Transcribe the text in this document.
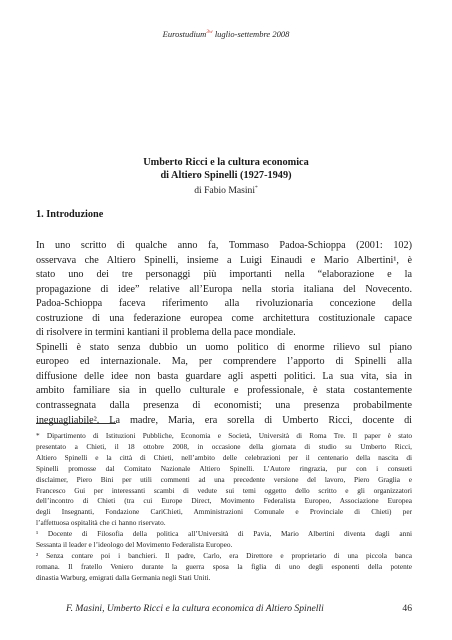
Eurostudium$^{3w}$ luglio-settembre 2008
Umberto Ricci e la cultura economica
di Altiero Spinelli (1927-1949)
di Fabio Masini*
1. Introduzione
In uno scritto di qualche anno fa, Tommaso Padoa-Schioppa (2001: 102)
osservava che Altiero Spinelli, insieme a Luigi Einaudi e Mario Albertini¹, è
stato uno dei tre personaggi più importanti nella “elaborazione e la
propagazione di idee” relative all’Europa nella storia italiana del Novecento.
Padoa-Schioppa faceva riferimento alla rivoluzionaria concezione della
costruzione di una federazione europea come architettura costituzionale capace
di risolvere in termini kantiani il problema della pace mondiale.
Spinelli è stato senza dubbio un uomo politico di enorme rilievo sul piano
europeo ed internazionale. Ma, per comprendere l’apporto di Spinelli alla
diffusione delle idee non basta guardare agli aspetti politici. La sua vita, sia in
ambito familiare sia in quello culturale e professionale, è stata costantemente
contrassegnata dalla presenza di economisti; una presenza probabilmente
ineguagliabile². La madre, Maria, era sorella di Umberto Ricci, docente di
* Dipartimento di Istituzioni Pubbliche, Economia e Società, Università di Roma Tre. Il paper è stato
presentato a Chieti, il 18 ottobre 2008, in occasione della giornata di studio su Umberto Ricci,
Altiero Spinelli e la città di Chieti, nell’ambito delle celebrazioni per il centenario della nascita di
Spinelli promosse dal Comitato Nazionale Altiero Spinelli. L’Autore ringrazia, pur con i consueti
disclaimer, Piero Bini per utili commenti ad una precedente versione del lavoro, Piero Graglia e
Francesco Gui per interessanti scambi di vedute sui temi oggetto dello scritto e gli organizzatori
dell’incontro di Chieti (tra cui Europe Direct, Movimento Federalista Europeo, Associazione Europea
degli Insegnanti, Fondazione CariChieti, Amministrazioni Comunale e Provinciale di Chieti) per
l’affettuosa ospitalità che ci hanno riservato.
¹ Docente di Filosofia della politica all’Università di Pavia, Mario Albertini diventa dagli anni
Sessanta il leader e l’ideologo del Movimento Federalista Europeo.
² Senza contare poi i banchieri. Il padre, Carlo, era Direttore e proprietario di una piccola banca
romana. Il fratello Veniero durante la guerra sposa la figlia di uno degli esponenti della potente
dinastia Warburg, emigrati dalla Germania negli Stati Uniti.
F. Masini, Umberto Ricci e la cultura economica di Altiero Spinelli	46
